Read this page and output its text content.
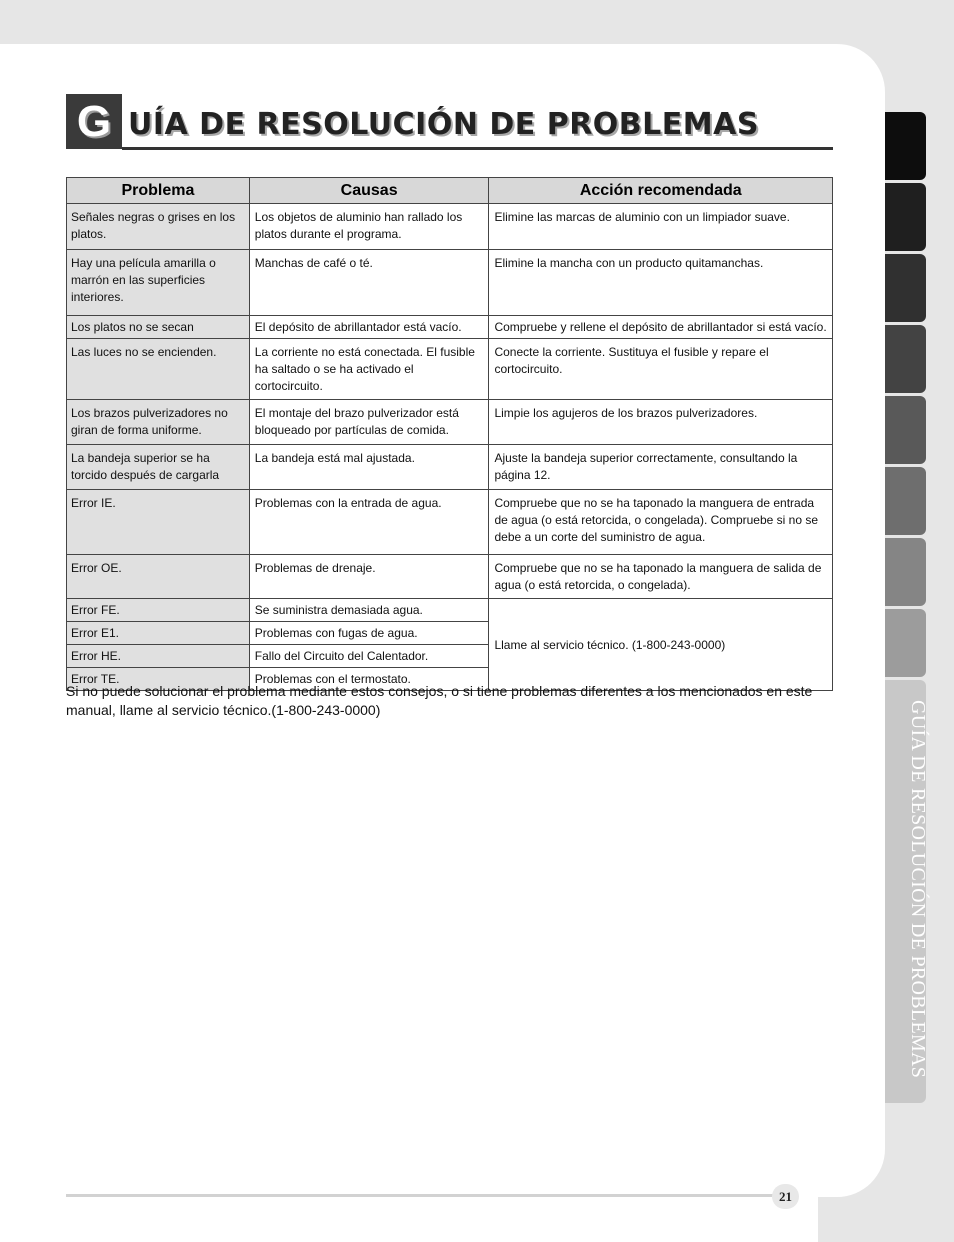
GUÍA DE RESOLUCIÓN DE PROBLEMAS
G UÍA DE RESOLUCIÓN DE PROBLEMAS
Problema	Causas	Acción recomendada
Señales negras o grises en los platos.	Los objetos de aluminio han rallado los platos durante el programa.	Elimine las marcas de aluminio con un limpiador suave.
Hay una película amarilla o marrón en las superficies interiores.	Manchas de café o té.	Elimine la mancha con un producto quitamanchas.
Los platos no se secan	El depósito de abrillantador está vacío.	Compruebe y rellene el depósito de abrillantador si está vacío.
Las luces no se encienden.	La corriente no está conectada. El fusible ha saltado o se ha activado el cortocircuito.	Conecte la corriente. Sustituya el fusible y repare el cortocircuito.
Los brazos pulverizadores no giran de forma uniforme.	El montaje del brazo pulverizador está bloqueado por partículas de comida.	Limpie los agujeros de los brazos pulverizadores.
La bandeja superior se ha torcido después de cargarla	La bandeja está mal ajustada.	Ajuste la bandeja superior correctamente, consultando la página 12.
Error IE.	Problemas con la entrada de agua.	Compruebe que no se ha taponado la manguera de entrada de agua (o está retorcida, o congelada). Compruebe si no se debe a un corte del suministro de agua.
Error OE.	Problemas de drenaje.	Compruebe que no se ha taponado la manguera de salida de agua (o está retorcida, o congelada).
Error FE.	Se suministra demasiada agua.	Llame al servicio técnico. (1-800-243-0000)
Error E1.	Problemas con fugas de agua.	
Error HE.	Fallo del Circuito del Calentador.	
Error TE.	Problemas con el termostato.	
Si no puede solucionar el problema mediante estos consejos, o si tiene problemas diferentes a los mencionados en este manual, llame al servicio técnico.(1-800-243-0000)
21
